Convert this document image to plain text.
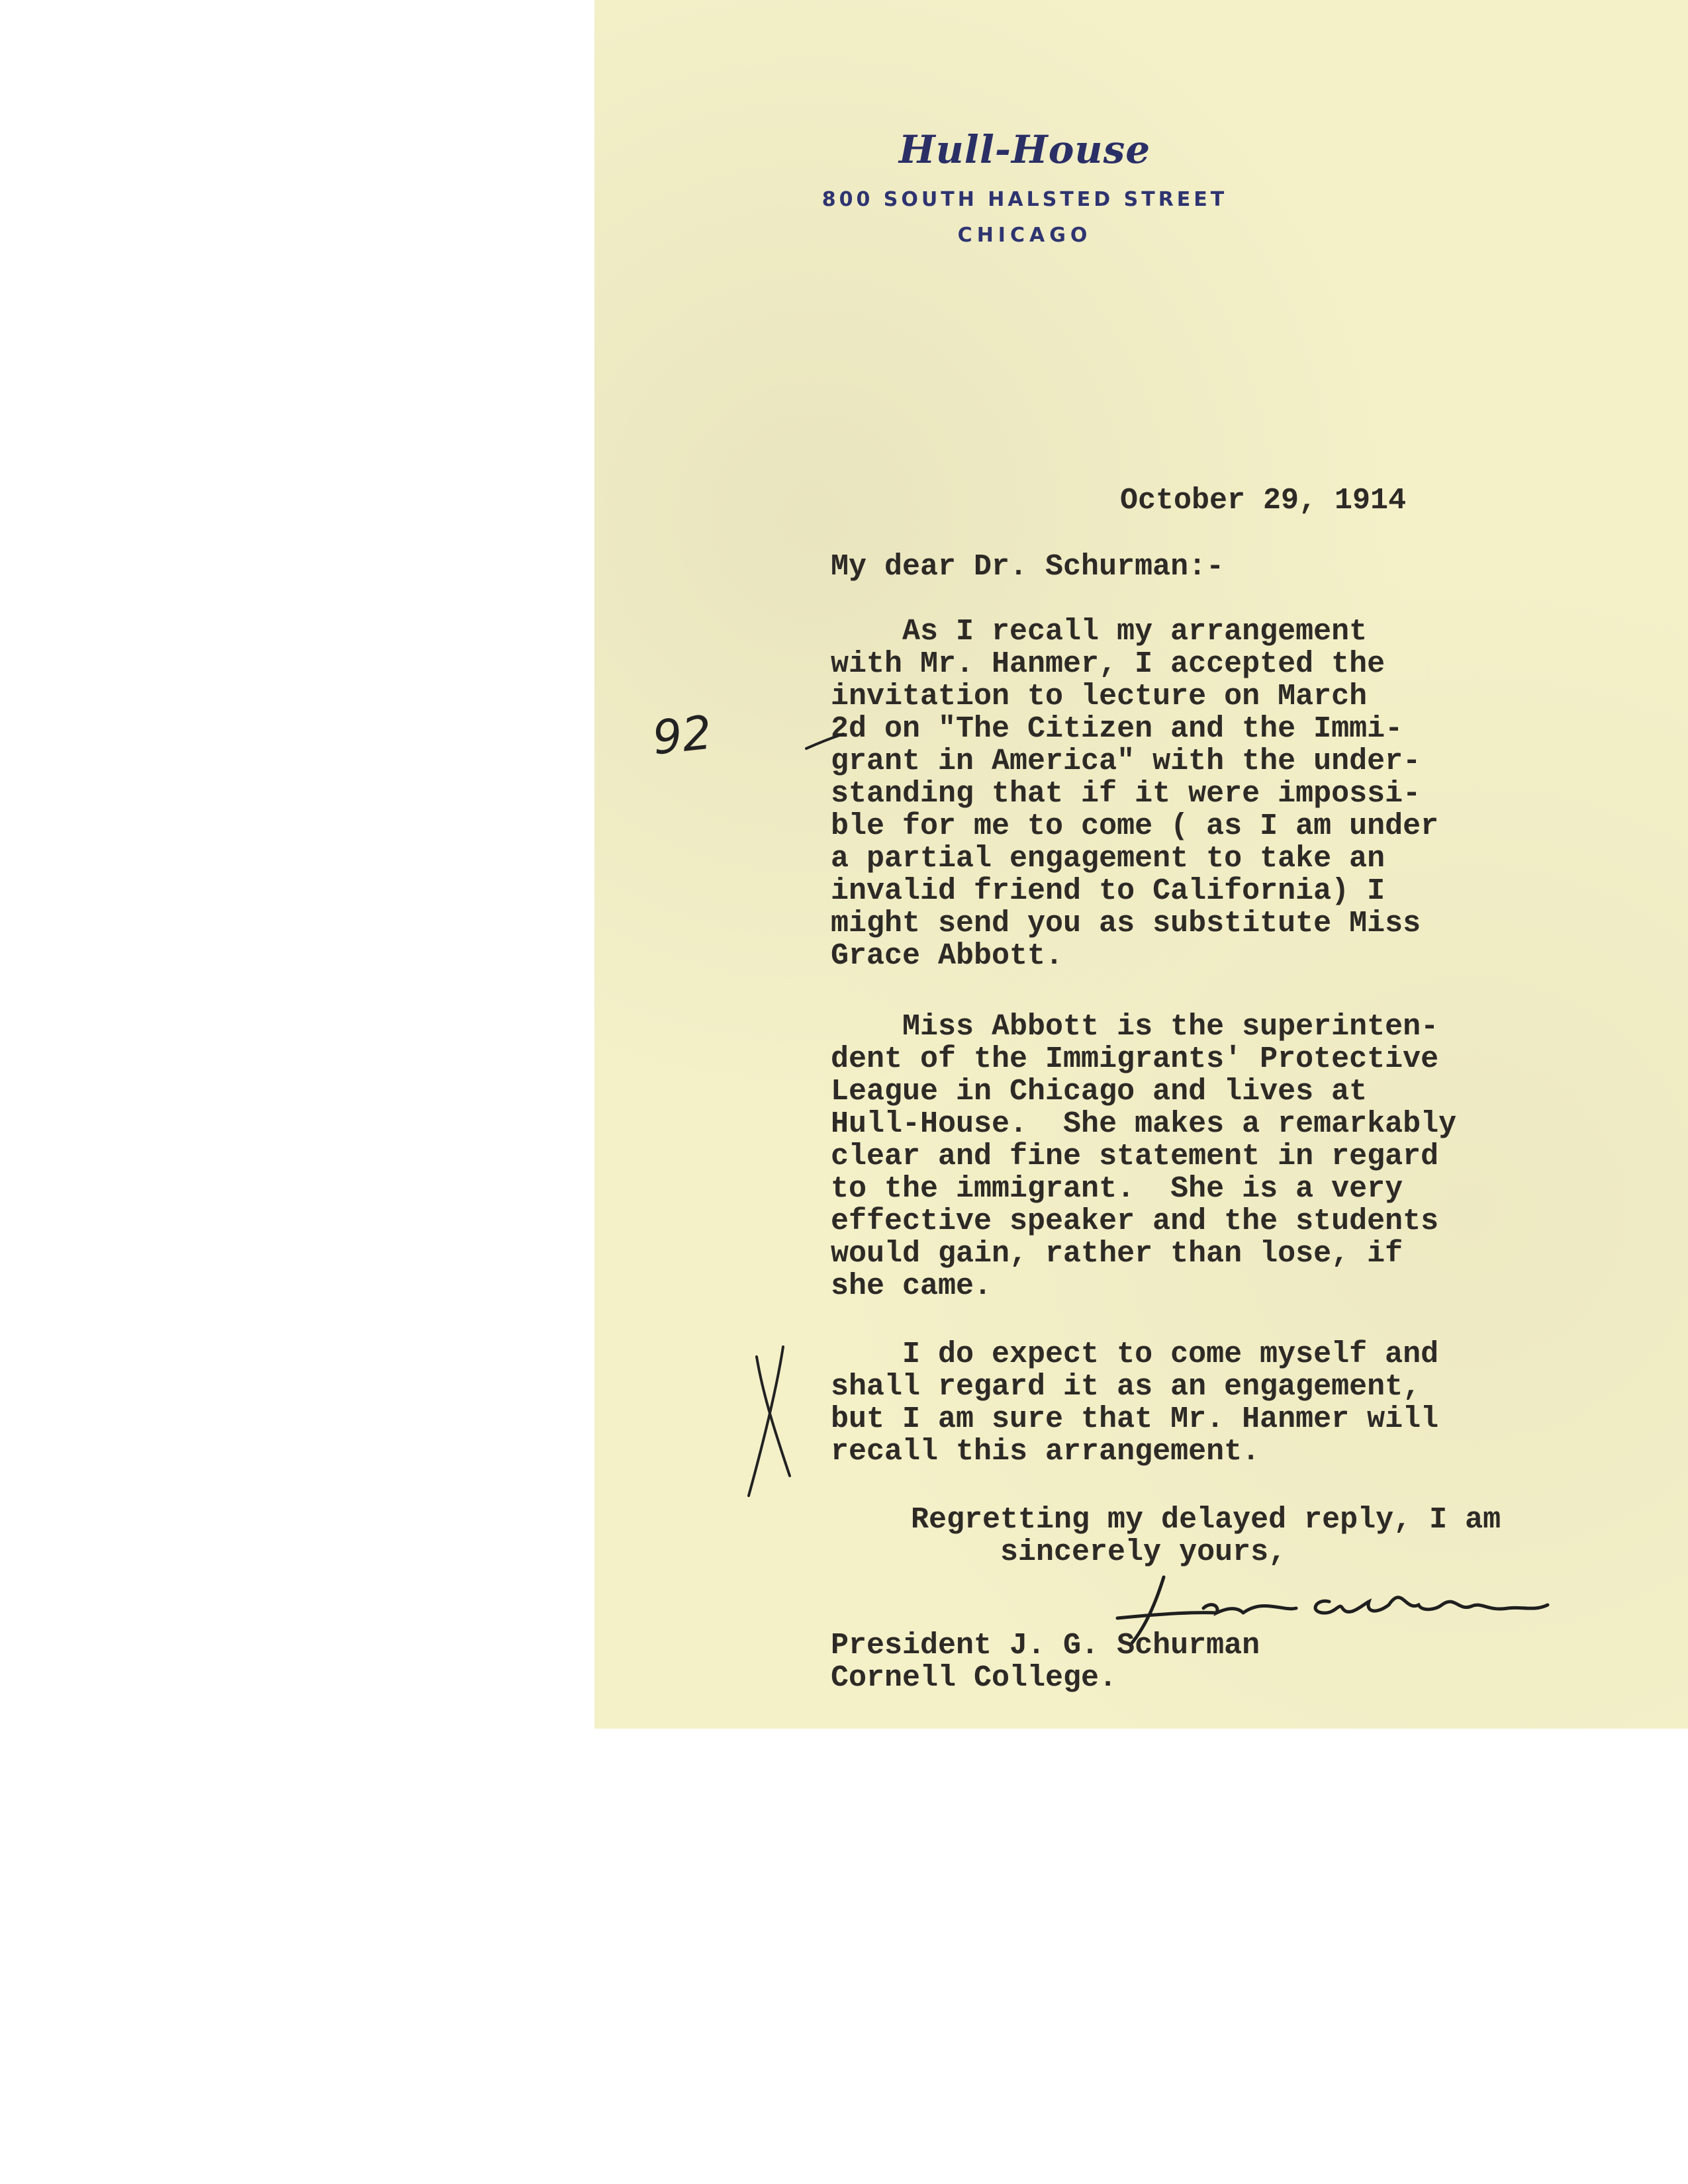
Hull-House
800 SOUTH HALSTED STREET
CHICAGO
October 29, 1914
My dear Dr. Schurman:-
As I recall my arrangement
with Mr. Hanmer, I accepted the
invitation to lecture on March
2d on "The Citizen and the Immi-
grant in America" with the under-
standing that if it were impossi-
ble for me to come ( as I am under
a partial engagement to take an
invalid friend to California) I
might send you as substitute Miss
Grace Abbott.
Miss Abbott is the superinten-
dent of the Immigrants' Protective
League in Chicago and lives at
Hull-House.  She makes a remarkably
clear and fine statement in regard
to the immigrant.  She is a very
effective speaker and the students
would gain, rather than lose, if
she came.
I do expect to come myself and
shall regard it as an engagement,
but I am sure that Mr. Hanmer will
recall this arrangement.
Regretting my delayed reply, I am
sincerely yours,
President J. G. Schurman
Cornell College.
92
